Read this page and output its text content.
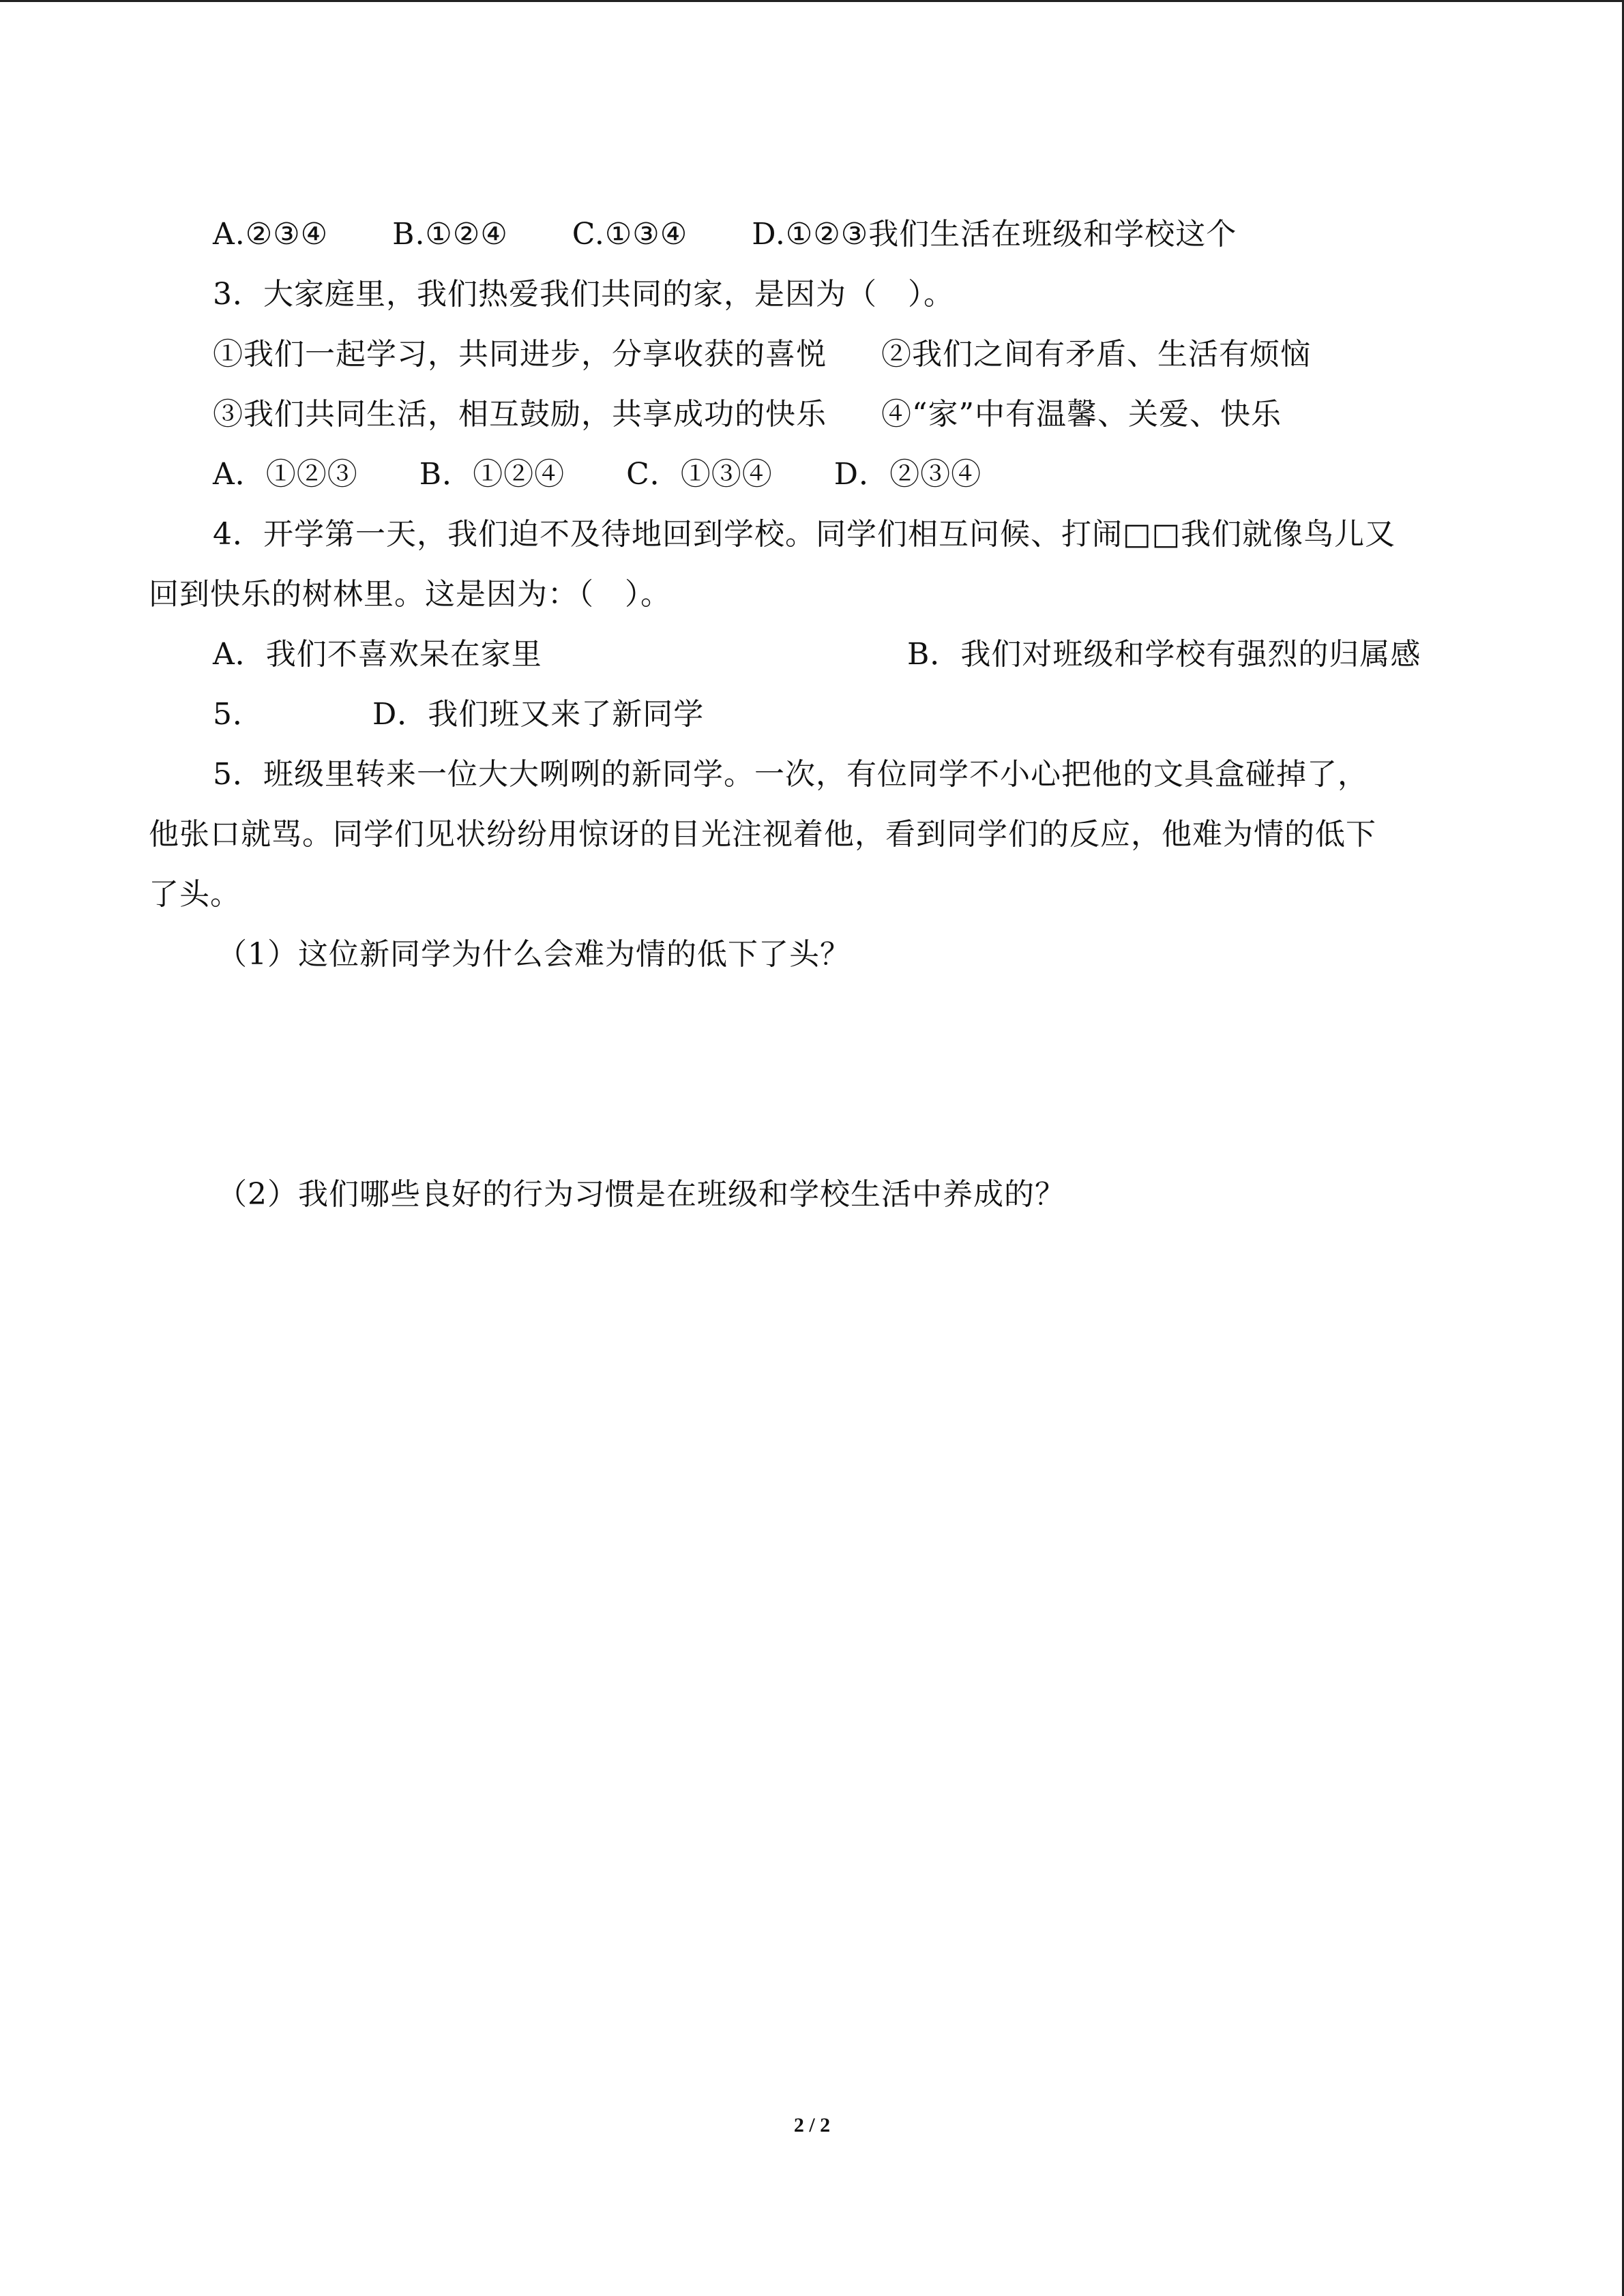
A.②③④ B.①②④ C.①③④ D.①②③我们生活在班级和学校这个
3．大家庭里，我们热爱我们共同的家，是因为（　）。
①我们一起学习，共同进步，分享收获的喜悦 ②我们之间有矛盾、生活有烦恼
③我们共同生活，相互鼓励，共享成功的快乐 ④“家”中有温馨、关爱、快乐
A．①②③ B．①②④ C．①③④ D．②③④
4．开学第一天，我们迫不及待地回到学校。同学们相互问候、打闹□□我们就像鸟儿又
回到快乐的树林里。这是因为：（　）。
A．我们不喜欢呆在家里	B．我们对班级和学校有强烈的归属感
5．	D．我们班又来了新同学
5．班级里转来一位大大咧咧的新同学。一次，有位同学不小心把他的文具盒碰掉了，
他张口就骂。同学们见状纷纷用惊讶的目光注视着他，看到同学们的反应，他难为情的低下
了头。
（1）这位新同学为什么会难为情的低下了头？
（2）我们哪些良好的行为习惯是在班级和学校生活中养成的？
2 / 2
